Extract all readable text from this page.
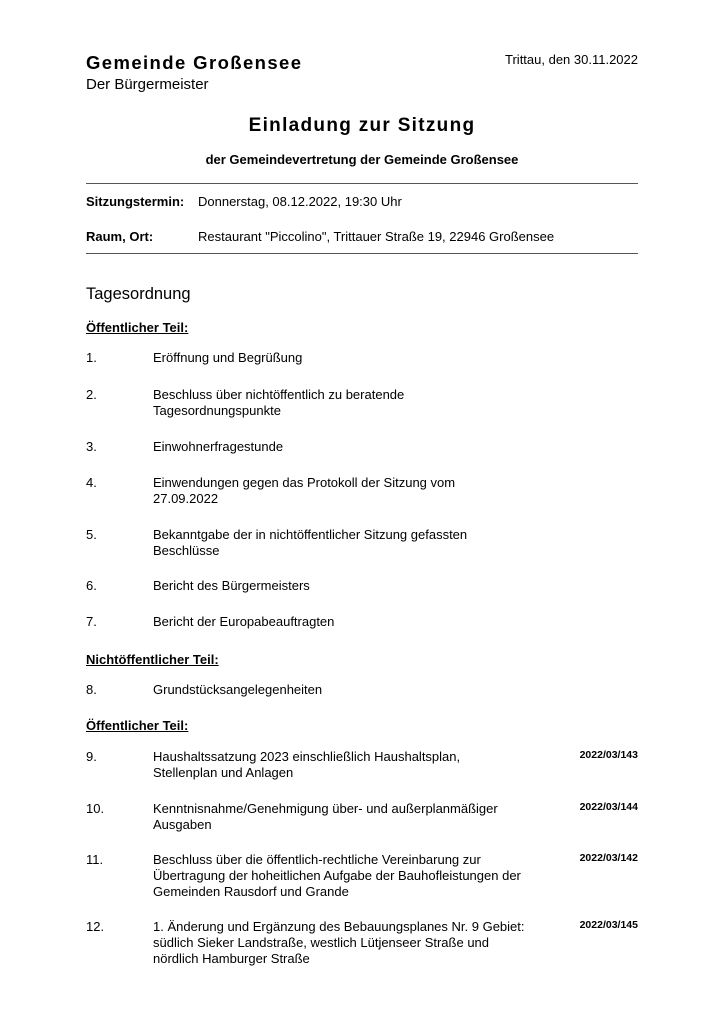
Gemeinde Großensee
Der Bürgermeister
Trittau, den 30.11.2022
Einladung zur Sitzung
der Gemeindevertretung der Gemeinde Großensee
Sitzungstermin: Donnerstag, 08.12.2022, 19:30 Uhr
Raum, Ort:	Restaurant "Piccolino", Trittauer Straße 19, 22946 Großensee
Tagesordnung
Öffentlicher Teil:
1.	Eröffnung und Begrüßung
2.	Beschluss über nichtöffentlich zu beratende Tagesordnungspunkte
3.	Einwohnerfragestunde
4.	Einwendungen gegen das Protokoll der Sitzung vom 27.09.2022
5.	Bekanntgabe der in nichtöffentlicher Sitzung gefassten Beschlüsse
6.	Bericht des Bürgermeisters
7.	Bericht der Europabeauftragten
Nichtöffentlicher Teil:
8.	Grundstücksangelegenheiten
Öffentlicher Teil:
9.	Haushaltssatzung 2023 einschließlich Haushaltsplan, Stellenplan und Anlagen
2022/03/143
10.	Kenntnisnahme/Genehmigung über- und außerplanmäßiger Ausgaben
2022/03/144
11.	Beschluss über die öffentlich-rechtliche Vereinbarung zur Übertragung der hoheitlichen Aufgabe der Bauhofleistungen der Gemeinden Rausdorf und Grande
2022/03/142
12.	1. Änderung und Ergänzung des Bebauungsplanes Nr. 9 Gebiet: südlich Sieker Landstraße, westlich Lütjenseer Straße und nördlich Hamburger Straße
2022/03/145
